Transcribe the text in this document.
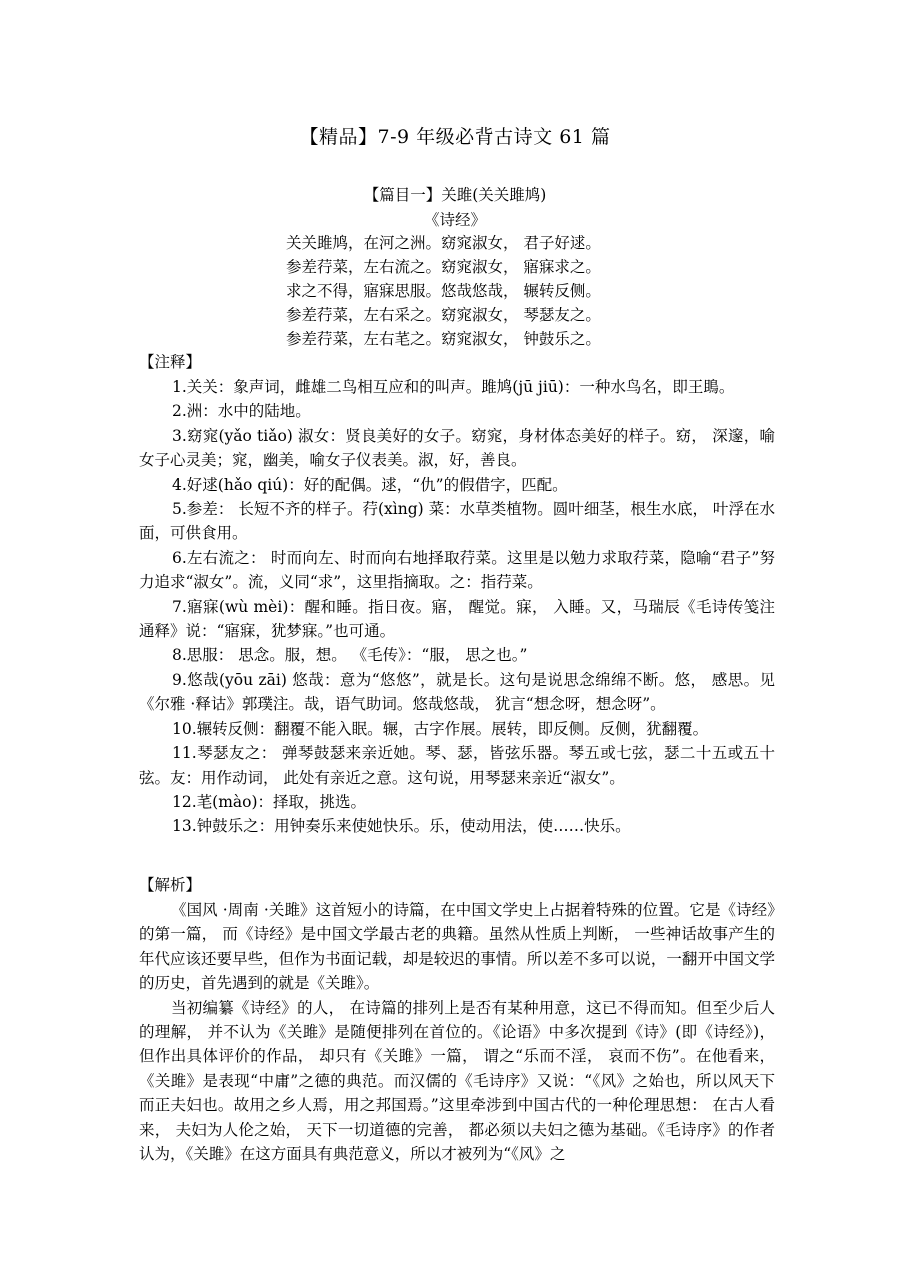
【精品】7-9 年级必背古诗文 61 篇
【篇目一】关雎(关关雎鸠)

《诗经》

关关雎鸠，在河之洲。窈窕淑女， 君子好逑。
参差荇菜，左右流之。窈窕淑女， 寤寐求之。
求之不得，寤寐思服。悠哉悠哉， 辗转反侧。
参差荇菜，左右采之。窈窕淑女， 琴瑟友之。
参差荇菜，左右芼之。窈窕淑女， 钟鼓乐之。
【注释】

1.关关：象声词，雌雄二鸟相互应和的叫声。雎鸠(jū jiū)：一种水鸟名，即王鴡。

2.洲：水中的陆地。

3.窈窕(yǎo tiǎo) 淑女：贤良美好的女子。窈窕，身材体态美好的样子。窈， 深邃，喻女子心灵美；窕，幽美，喻女子仪表美。淑，好，善良。

4.好逑(hǎo qiú)：好的配偶。逑，“仇”的假借字，匹配。

5.参差： 长短不齐的样子。荇(xìng) 菜：水草类植物。圆叶细茎，根生水底， 叶浮在水面，可供食用。

6.左右流之： 时而向左、时而向右地择取荇菜。这里是以勉力求取荇菜，隐喻“君子”努力追求“淑女”。流，义同“求”，这里指摘取。之：指荇菜。

7.寤寐(wù mèi)：醒和睡。指日夜。寤， 醒觉。寐， 入睡。又，马瑞辰《毛诗传笺注通释》说：“寤寐，犹梦寐。”也可通。

8.思服： 思念。服，想。 《毛传》：“服， 思之也。”

9.悠哉(yōu zāi) 悠哉：意为“悠悠”，就是长。这句是说思念绵绵不断。悠， 感思。见《尔雅 ·释诂》郭璞注。哉，语气助词。悠哉悠哉， 犹言“想念呀，想念呀”。

10.辗转反侧：翻覆不能入眠。辗，古字作展。展转，即反侧。反侧，犹翻覆。

11.琴瑟友之： 弹琴鼓瑟来亲近她。琴、瑟，皆弦乐器。琴五或七弦，瑟二十五或五十弦。友：用作动词， 此处有亲近之意。这句说，用琴瑟来亲近“淑女”。

12.芼(mào)：择取，挑选。

13.钟鼓乐之：用钟奏乐来使她快乐。乐，使动用法，使……快乐。

【解析】

《国风 ·周南 ·关雎》这首短小的诗篇，在中国文学史上占据着特殊的位置。它是《诗经》的第一篇， 而《诗经》是中国文学最古老的典籍。虽然从性质上判断， 一些神话故事产生的年代应该还要早些，但作为书面记载，却是较迟的事情。所以差不多可以说，一翻开中国文学的历史，首先遇到的就是《关雎》。

当初编纂《诗经》的人， 在诗篇的排列上是否有某种用意，这已不得而知。但至少后人的理解， 并不认为《关雎》是随便排列在首位的。《论语》中多次提到《诗》(即《诗经》)，但作出具体评价的作品， 却只有《关雎》一篇， 谓之“乐而不淫， 哀而不伤”。在他看来，《关雎》是表现“中庸”之德的典范。而汉儒的《毛诗序》又说：“《风》之始也，所以风天下而正夫妇也。故用之乡人焉，用之邦国焉。”这里牵涉到中国古代的一种伦理思想： 在古人看来， 夫妇为人伦之始， 天下一切道德的完善， 都必须以夫妇之德为基础。《毛诗序》的作者认为，《关雎》在这方面具有典范意义，所以才被列为“《风》之
